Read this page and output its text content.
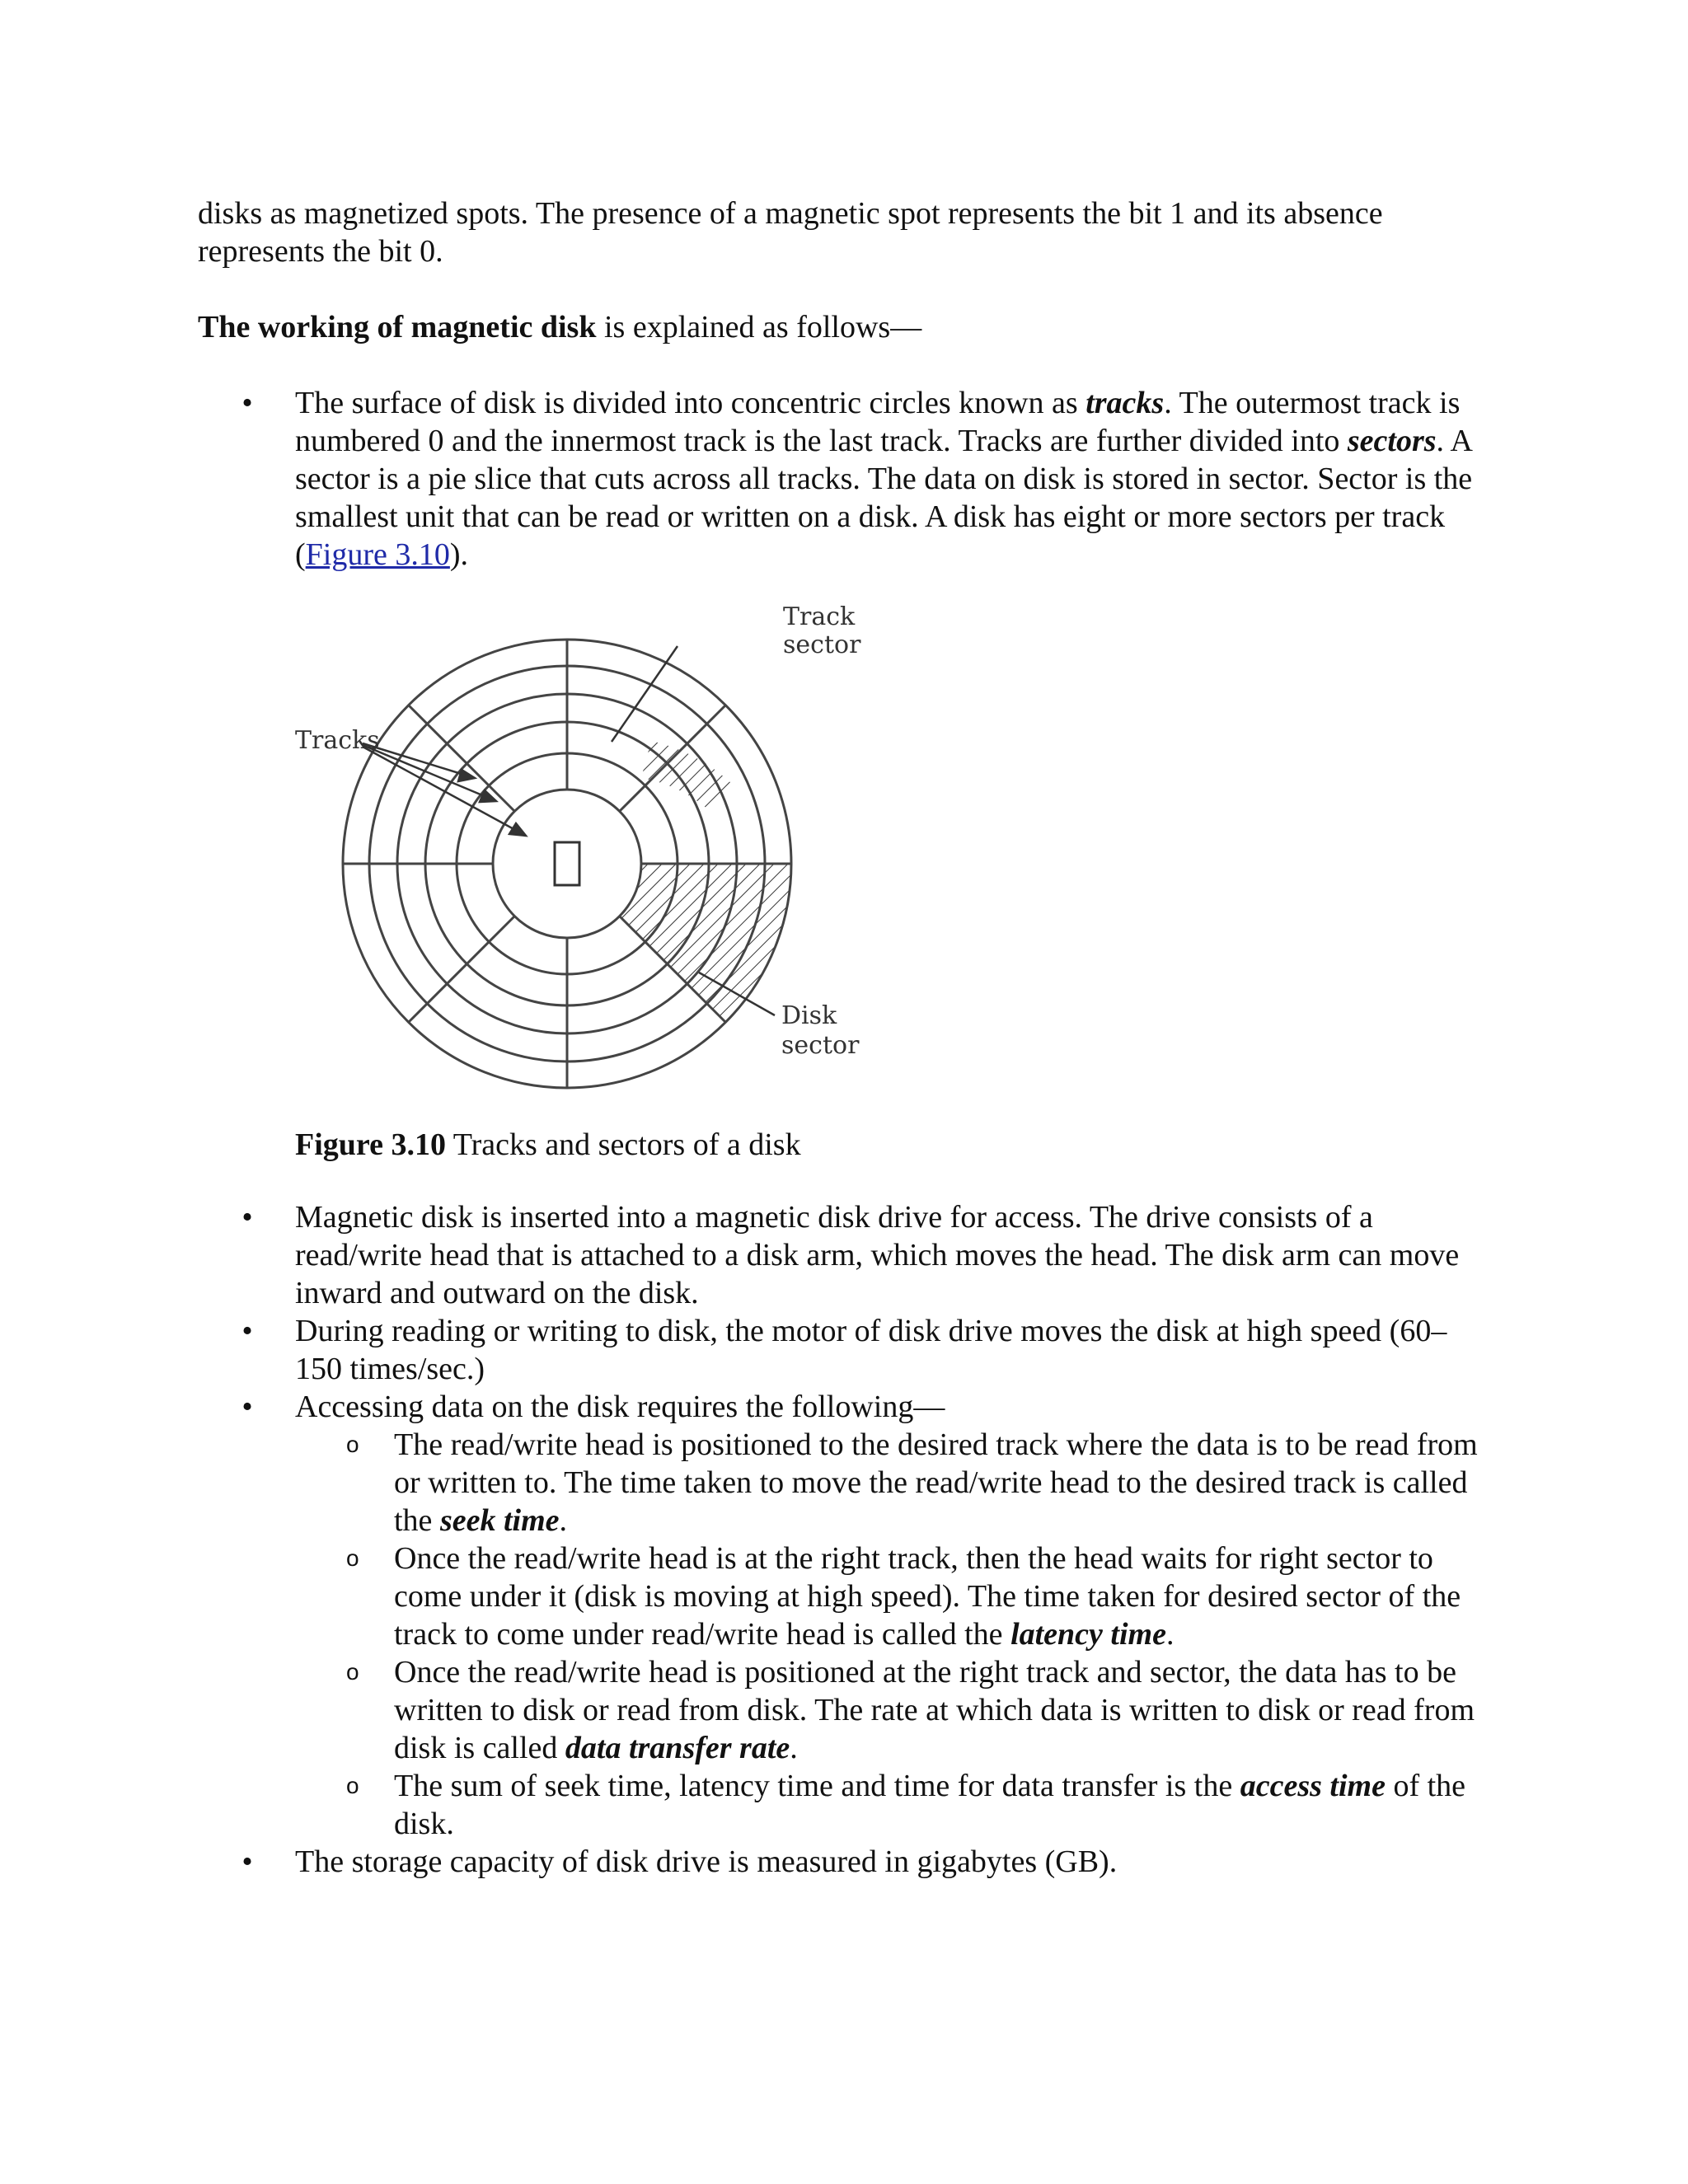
disks as magnetized spots. The presence of a magnetic spot represents the bit 1 and its absence represents the bit 0.

The working of magnetic disk is explained as follows—

•	The surface of disk is divided into concentric circles known as tracks. The outermost track is numbered 0 and the innermost track is the last track. Tracks are further divided into sectors. A sector is a pie slice that cuts across all tracks. The data on disk is stored in sector. Sector is the smallest unit that can be read or written on a disk. A disk has eight or more sectors per track (Figure 3.10).
Tracks
Disk
sector
Track
sector

Figure 3.10 Tracks and sectors of a disk

•	Magnetic disk is inserted into a magnetic disk drive for access. The drive consists of a read/write head that is attached to a disk arm, which moves the head. The disk arm can move inward and outward on the disk.
•	During reading or writing to disk, the motor of disk drive moves the disk at high speed (60–150 times/sec.)
•	Accessing data on the disk requires the following—
o The read/write head is positioned to the desired track where the data is to be read from or written to. The time taken to move the read/write head to the desired track is called the seek time.
o Once the read/write head is at the right track, then the head waits for right sector to come under it (disk is moving at high speed). The time taken for desired sector of the track to come under read/write head is called the latency time.
o Once the read/write head is positioned at the right track and sector, the data has to be written to disk or read from disk. The rate at which data is written to disk or read from disk is called data transfer rate.
o The sum of seek time, latency time and time for data transfer is the access time of the disk.
•	The storage capacity of disk drive is measured in gigabytes (GB).
